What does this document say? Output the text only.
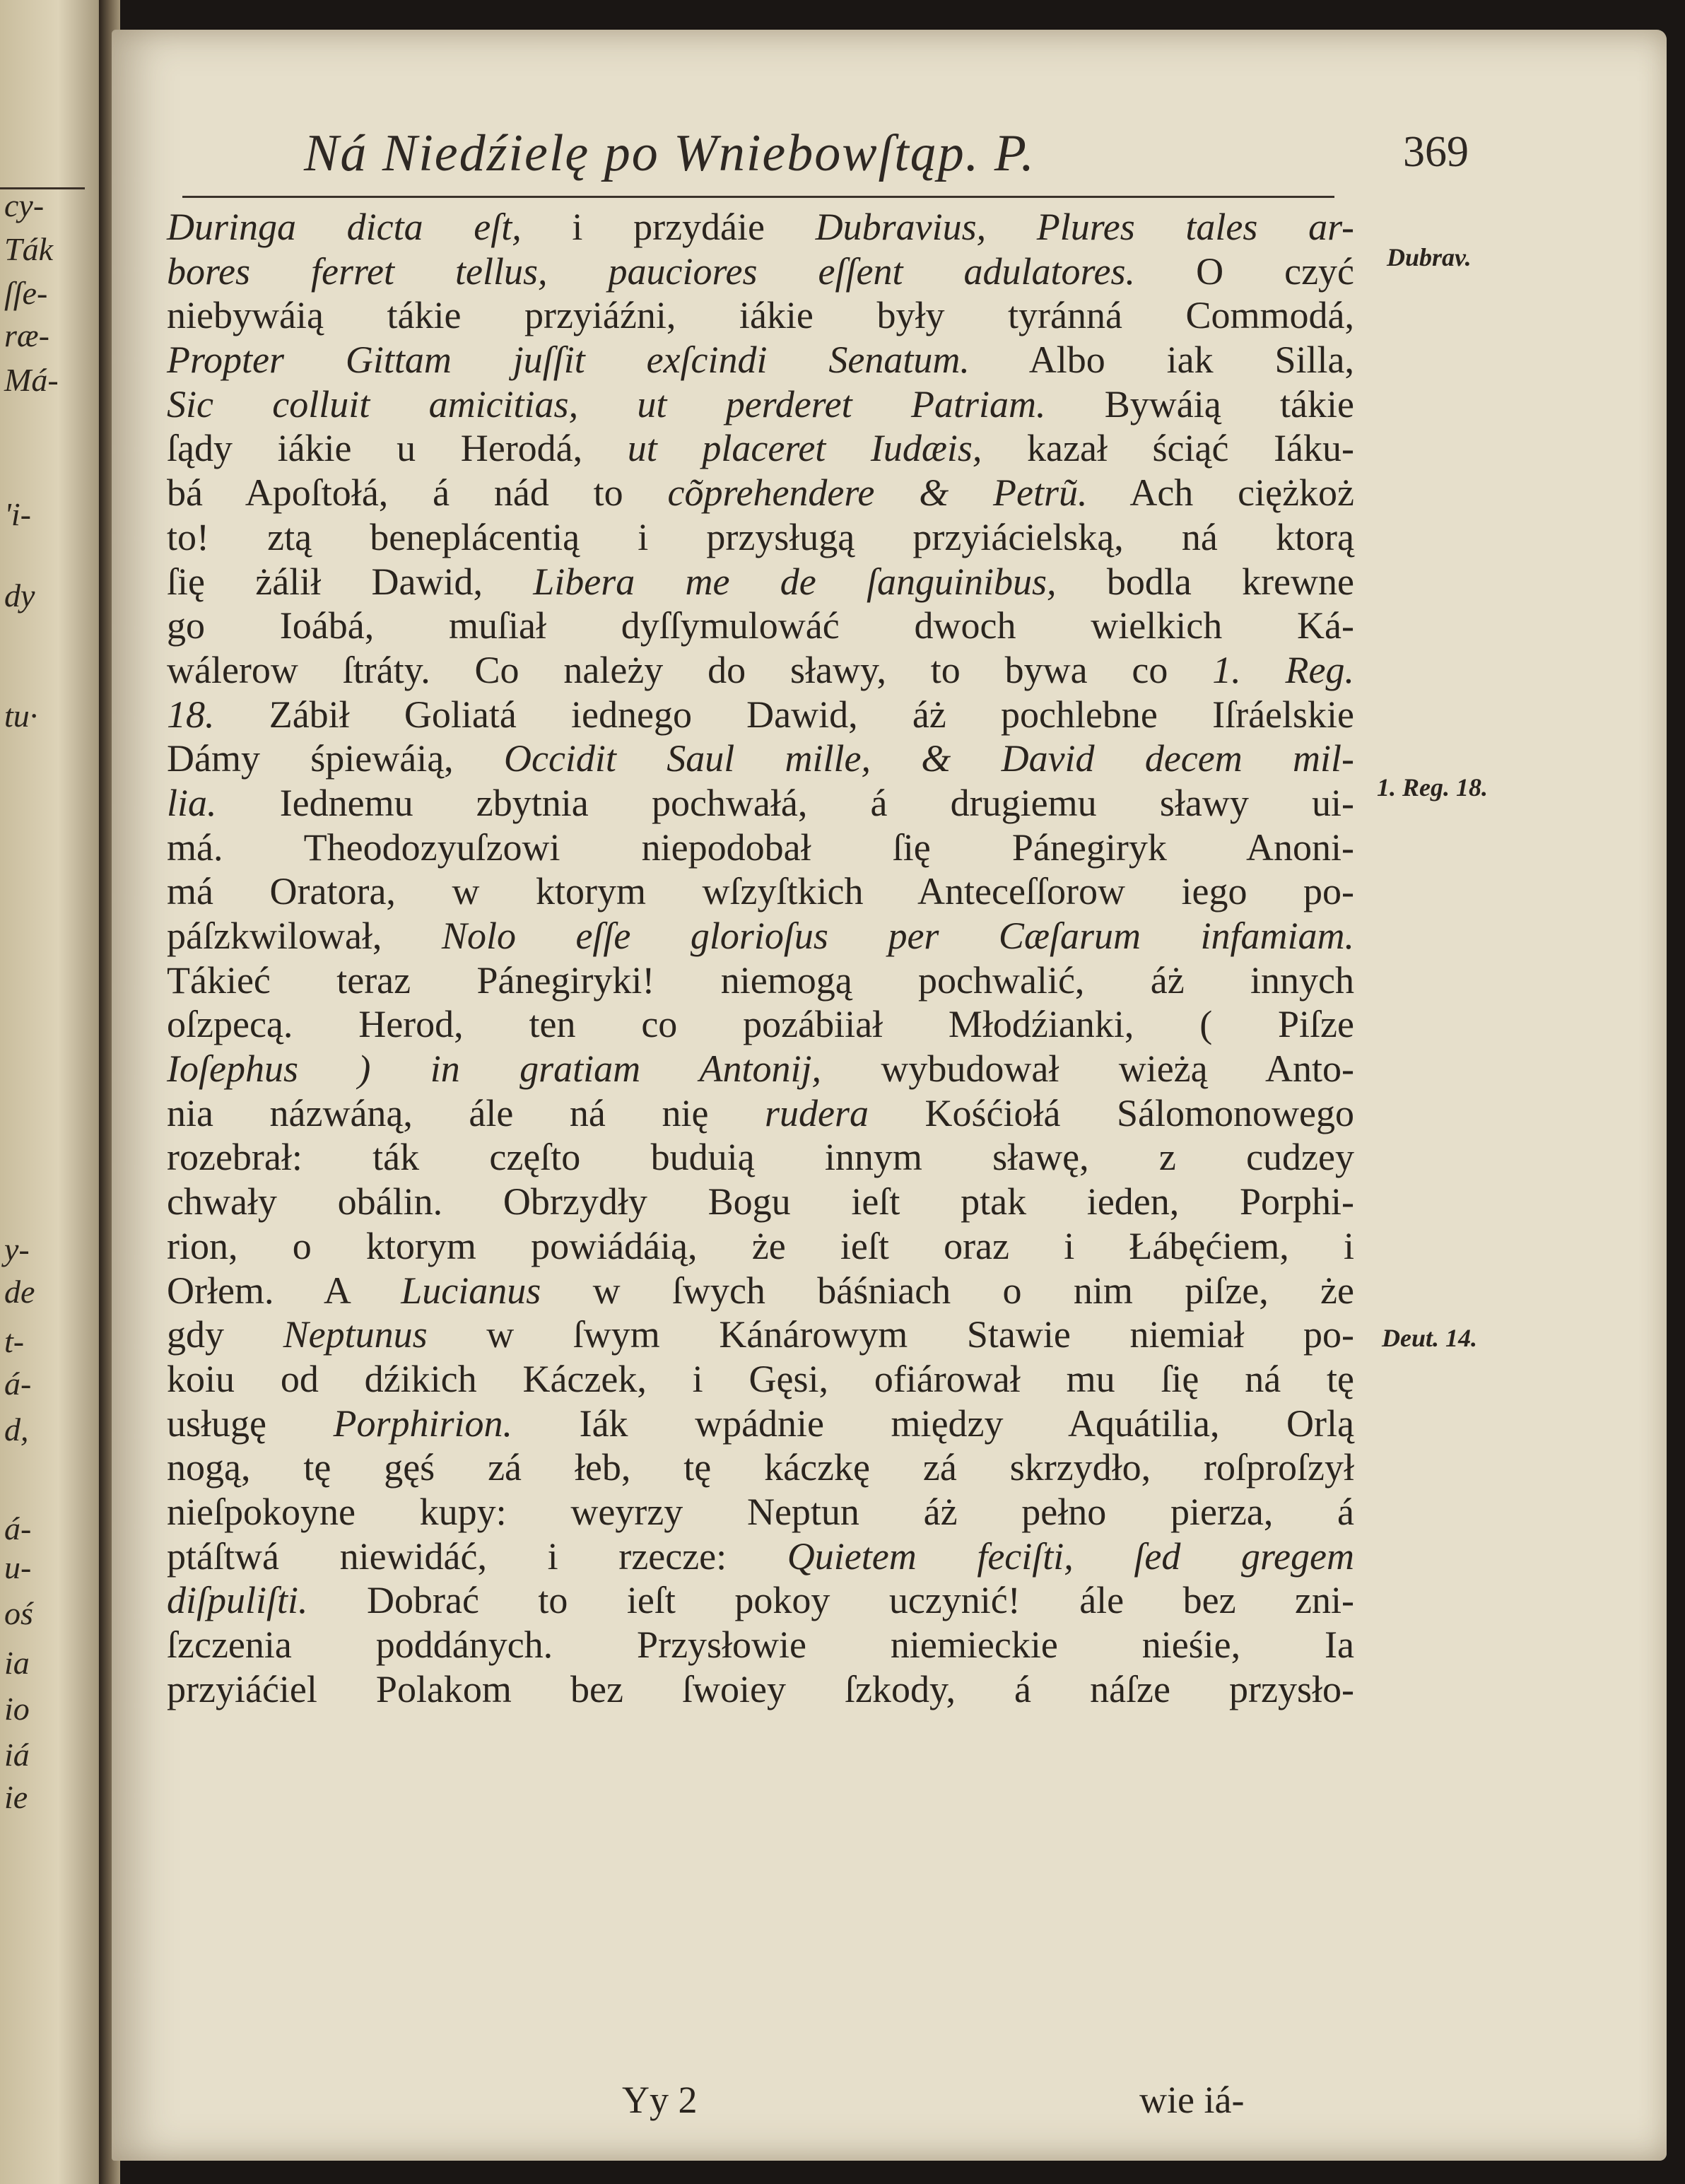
Ná Niedźielę po Wniebowſtąp. P.	369
Duringa dicta eſt, i przydáie Dubravius, Plures tales ar-
bores ferret tellus, pauciores eſſent adulatores. O czyć
niebywáią tákie przyiáźni, iákie były tyránná Commodá,
Propter Gittam juſſit exſcindi Senatum. Albo iak Silla,
Sic colluit amicitias, ut perderet Patriam. Bywáią tákie
ſądy iákie u Herodá, ut placeret Iudæis, kazał ściąć Iáku-
bá Apoſtołá, á nád to cõprehendere & Petrũ. Ach ciężkoż
to! ztą beneplácentią i przysługą przyiácielską, ná ktorą
ſię żálił Dawid, Libera me de ſanguinibus, bodla krewne
go Ioábá, muſiał dyſſymulowáć dwoch wielkich Ká-
wálerow ſtráty. Co należy do sławy, to bywa co 1. Reg.
18. Zábił Goliatá iednego Dawid, áż pochlebne Iſráelskie
Dámy śpiewáią, Occidit Saul mille, & David decem mil-
lia. Iednemu zbytnia pochwałá, á drugiemu sławy ui-
má. Theodozyuſzowi niepodobał ſię Pánegiryk Anoni-
má Oratora, w ktorym wſzyſtkich Anteceſſorow iego po-
páſzkwilował, Nolo eſſe glorioſus per Cæſarum infamiam.
Tákieć teraz Pánegiryki! niemogą pochwalić, áż innych
oſzpecą. Herod, ten co pozábiiał Młodźianki, ( Piſze
Ioſephus ) in gratiam Antonij, wybudował wieżą Anto-
nia názwáną, ále ná nię rudera Kośćiołá Sálomonowego
rozebrał: ták częſto buduią innym sławę, z cudzey
chwały obálin. Obrzydły Bogu ieſt ptak ieden, Porphi-
rion, o ktorym powiádáią, że ieſt oraz i Łábęćiem, i
Orłem. A Lucianus w ſwych báśniach o nim piſze, że
gdy Neptunus w ſwym Kánárowym Stawie niemiał po-
koiu od dźikich Káczek, i Gęsi, ofiárował mu ſię ná tę
usługę Porphirion. Iák wpádnie między Aquátilia, Orlą
nogą, tę gęś zá łeb, tę káczkę zá skrzydło, roſproſzył
nieſpokoyne kupy: weyrzy Neptun áż pełno pierza, á
ptáſtwá niewidáć, i rzecze: Quietem feciſti, ſed gregem
diſpuliſti. Dobrać to ieſt pokoy uczynić! ále bez zni-
ſzczenia poddánych. Przysłowie niemieckie nieśie, Ia
przyiáćiel Polakom bez ſwoiey ſzkody, á náſze przysło-
Dubrav.
1. Reg. 18.
Deut. 14.
Yy 2	wie iá-
cy-
Ták
ſſe-
ræ-
Má-
'i-
dy
tu·
y-
de
t-
á-
d,
á-
u-
oś
ia
io
iá
ie
